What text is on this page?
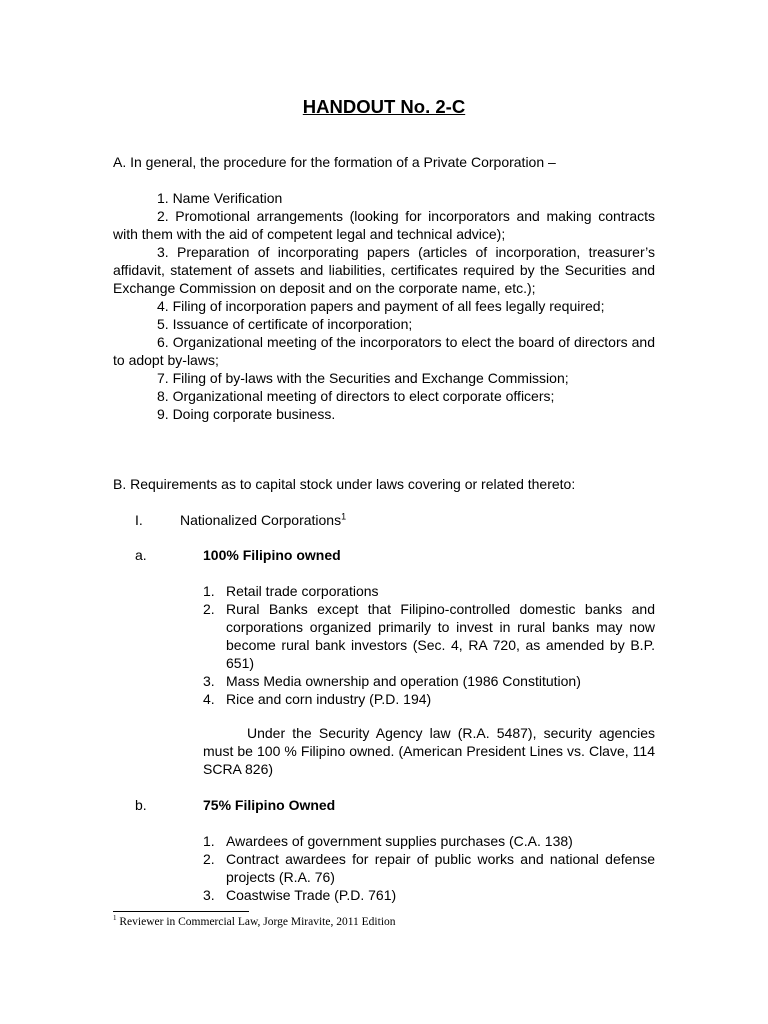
HANDOUT No. 2-C
A. In general, the procedure for the formation of a Private Corporation –

1. Name Verification

2. Promotional arrangements (looking for incorporators and making contracts with them with the aid of competent legal and technical advice);

3. Preparation of incorporating papers (articles of incorporation, treasurer’s affidavit, statement of assets and liabilities, certificates required by the Securities and Exchange Commission on deposit and on the corporate name, etc.);

4. Filing of incorporation papers and payment of all fees legally required;

5. Issuance of certificate of incorporation;

6. Organizational meeting of the incorporators to elect the board of directors and to adopt by-laws;

7. Filing of by-laws with the Securities and Exchange Commission;

8. Organizational meeting of directors to elect corporate officers;

9. Doing corporate business.

B. Requirements as to capital stock under laws covering or related thereto:
I.	Nationalized Corporations$^1$
a.	100% Filipino owned
1. Retail trade corporations
2. Rural Banks except that Filipino-controlled domestic banks and corporations organized primarily to invest in rural banks may now become rural bank investors (Sec. 4, RA 720, as amended by B.P. 651)
3. Mass Media ownership and operation (1986 Constitution)
4. Rice and corn industry (P.D. 194)
Under the Security Agency law (R.A. 5487), security agencies must be 100 % Filipino owned. (American President Lines vs. Clave, 114 SCRA 826)
b.	75% Filipino Owned
1. Awardees of government supplies purchases (C.A. 138)
2. Contract awardees for repair of public works and national defense projects (R.A. 76)
3. Coastwise Trade (P.D. 761)
$^1$ Reviewer in Commercial Law, Jorge Miravite, 2011 Edition
